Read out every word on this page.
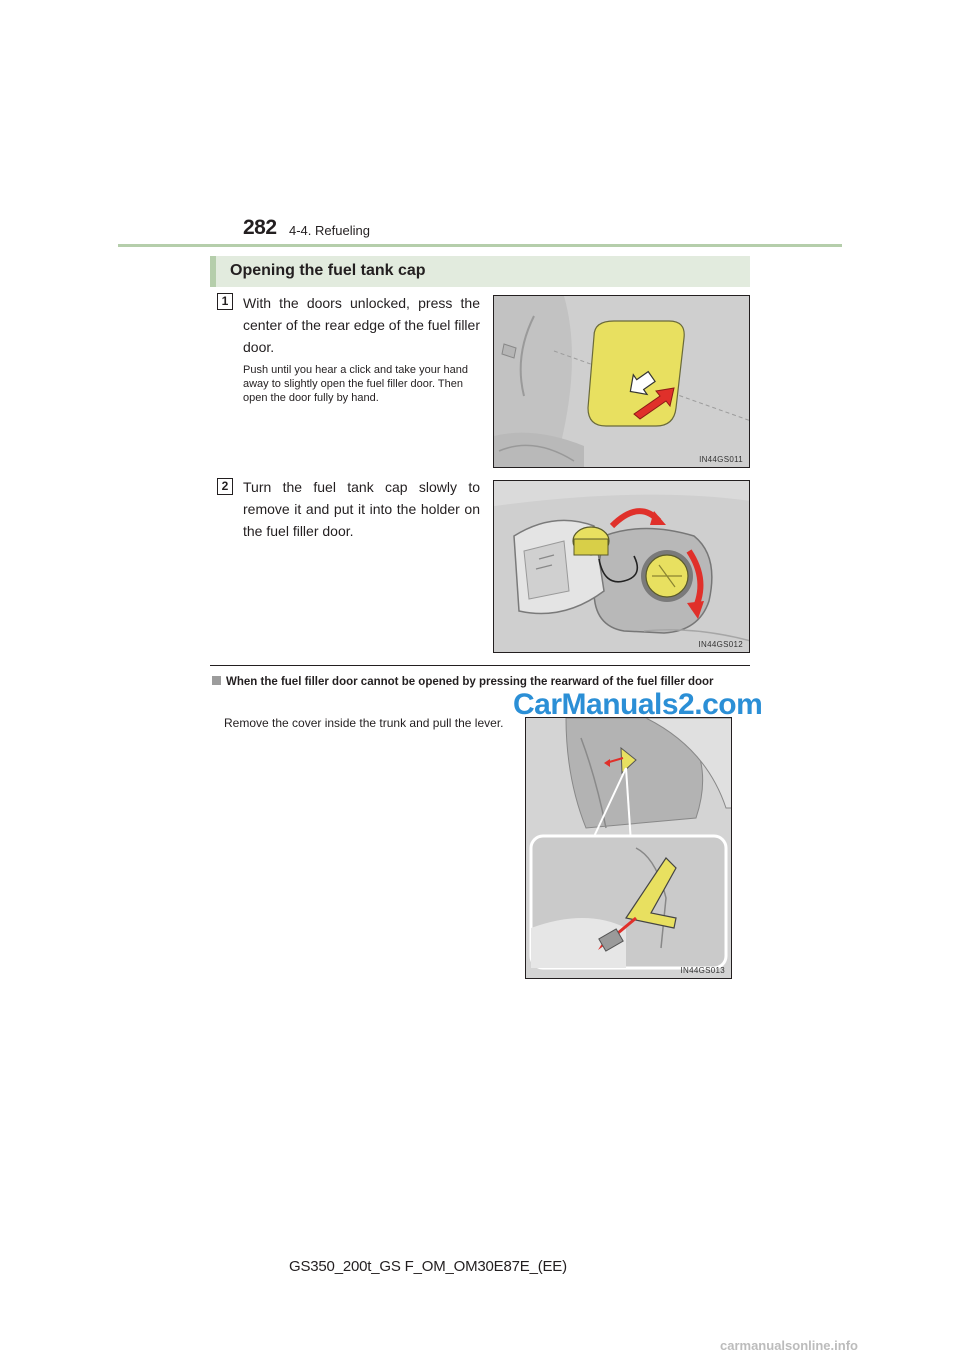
282 4-4. Refueling
Opening the fuel tank cap
1	With the doors unlocked, press the center of the rear edge of the fuel filler door.
Push until you hear a click and take your hand away to slightly open the fuel filler door. Then open the door fully by hand.
IN44GS011
2	Turn the fuel tank cap slowly to remove it and put it into the holder on the fuel filler door.
IN44GS012
When the fuel filler door cannot be opened by pressing the rearward of the fuel filler door
Remove the cover inside the trunk and pull the lever.
IN44GS013
CarManuals2.com
GS350_200t_GS F_OM_OM30E87E_(EE)
carmanualsonline.info
